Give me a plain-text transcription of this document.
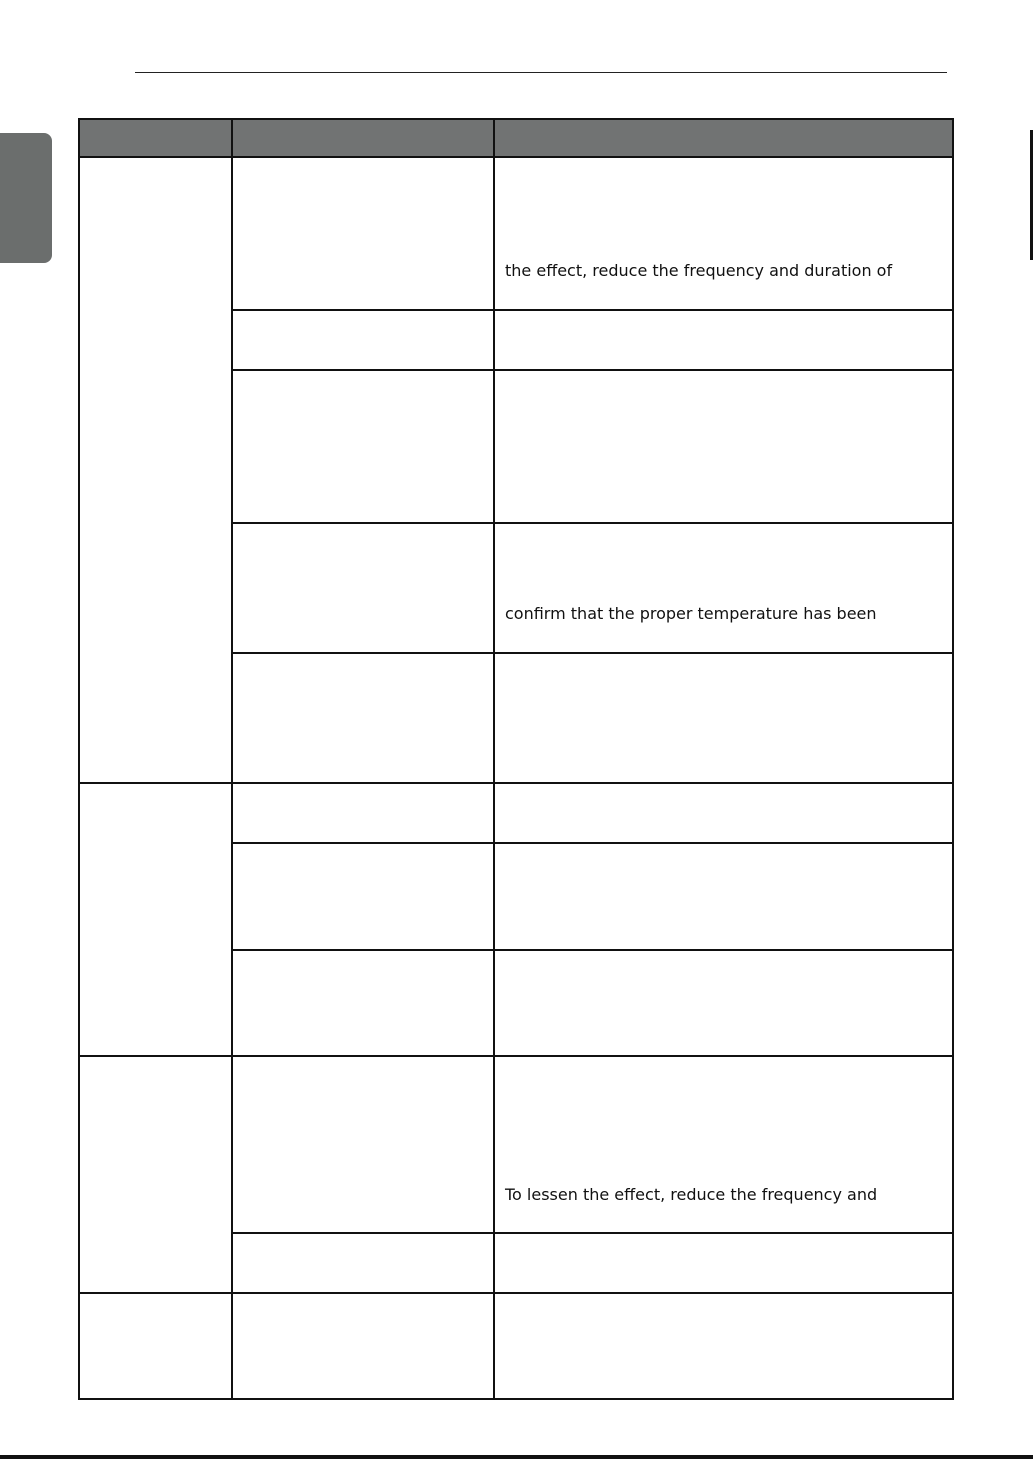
		the effect, reduce the frequency and duration of

		confirm that the proper temperature has been

		To lessen the effect, reduce the frequency and
